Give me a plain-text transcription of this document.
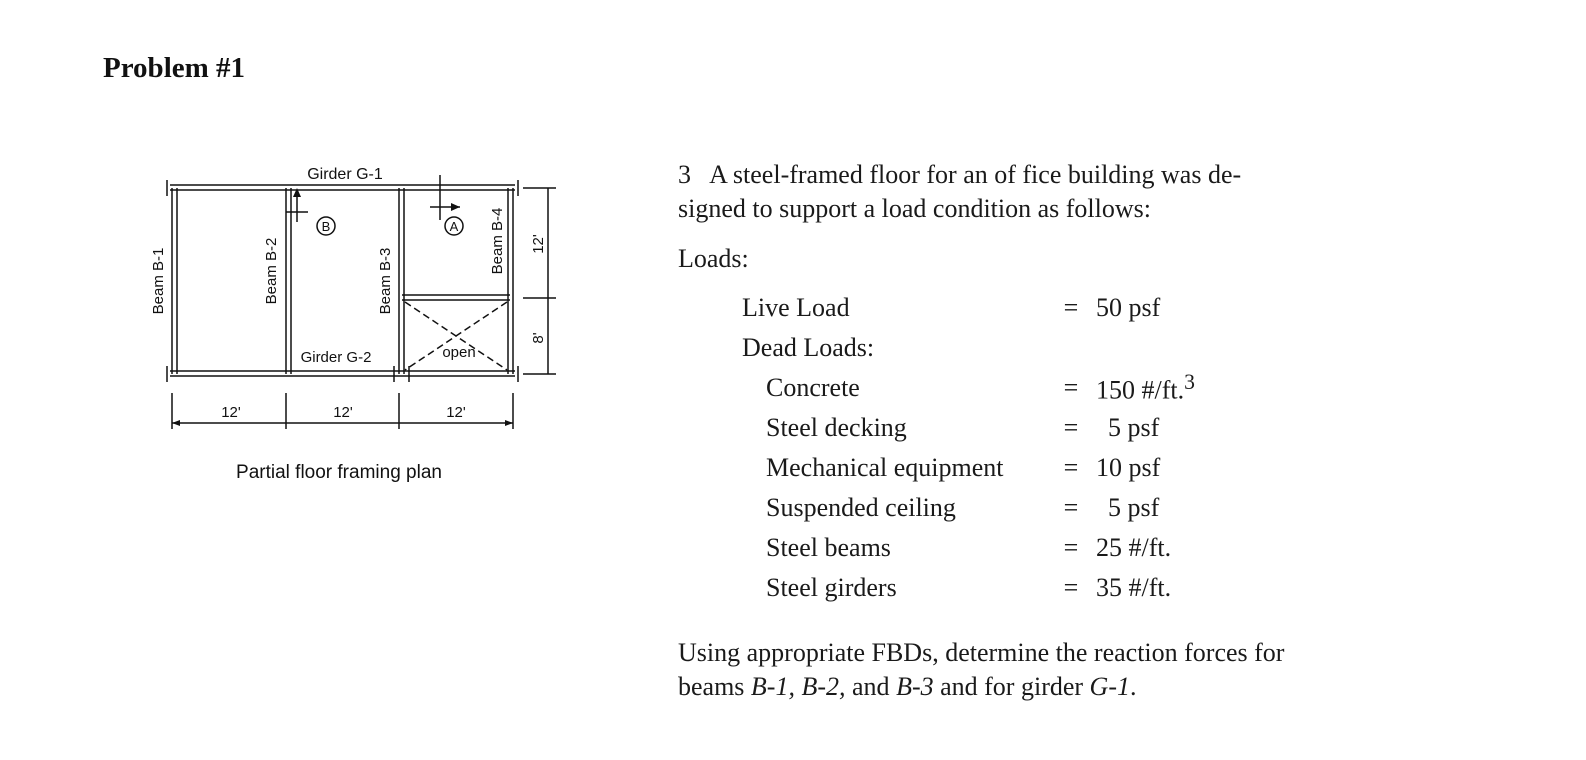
Problem #1
Girder G-1
Girder G-2
Beam B-1	Beam B-2	Beam B-3
Beam B-4
open
B	A
12'	12'	12'
12'
8'
Partial floor framing plan

3 A steel-framed floor for an of fice building was de-
signed to support a load condition as follows:

Loads:

Live Load	=	50 psf
Dead Loads:		
Concrete	=	150 #/ft.$^3$
Steel decking	=	5 psf
Mechanical equipment	=	10 psf
Suspended ceiling	=	5 psf
Steel beams	=	25 #/ft.
Steel girders	=	35 #/ft.

Using appropriate FBDs, determine the reaction forces for
beams B-1, B-2, and B-3 and for girder G-1.
